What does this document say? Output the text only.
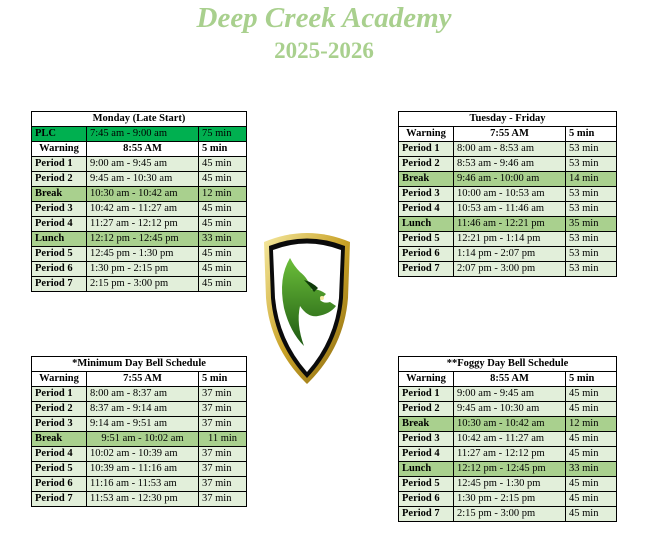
Deep Creek Academy
2025-2026
Monday (Late Start)		
PLC	7:45 am - 9:00 am	75 min
Warning	8:55 AM	5 min
Period 1	9:00 am - 9:45 am	45 min
Period 2	9:45 am - 10:30 am	45 min
Break	10:30 am - 10:42 am	12 min
Period 3	10:42 am - 11:27 am	45 min
Period 4	11:27 am - 12:12 pm	45 min
Lunch	12:12 pm - 12:45 pm	33 min
Period 5	12:45 pm - 1:30 pm	45 min
Period 6	1:30 pm - 2:15 pm	45 min
Period 7	2:15 pm - 3:00 pm	45 min
Tuesday - Friday		
Warning	7:55 AM	5 min
Period 1	8:00 am - 8:53 am	53 min
Period 2	8:53 am - 9:46 am	53 min
Break	9:46 am - 10:00 am	14 min
Period 3	10:00 am - 10:53 am	53 min
Period 4	10:53 am - 11:46 am	53 min
Lunch	11:46 am - 12:21 pm	35 min
Period 5	12:21 pm - 1:14 pm	53 min
Period 6	1:14 pm - 2:07 pm	53 min
Period 7	2:07 pm - 3:00 pm	53 min
*Minimum Day Bell Schedule		
Warning	7:55 AM	5 min
Period 1	8:00 am - 8:37 am	37 min
Period 2	8:37 am - 9:14 am	37 min
Period 3	9:14 am - 9:51 am	37 min
Break	9:51 am - 10:02 am	11 min
Period 4	10:02 am - 10:39 am	37 min
Period 5	10:39 am - 11:16 am	37 min
Period 6	11:16 am - 11:53 am	37 min
Period 7	11:53 am - 12:30 pm	37 min
**Foggy Day Bell Schedule		
Warning	8:55 AM	5 min
Period 1	9:00 am - 9:45 am	45 min
Period 2	9:45 am - 10:30 am	45 min
Break	10:30 am - 10:42 am	12 min
Period 3	10:42 am - 11:27 am	45 min
Period 4	11:27 am - 12:12 pm	45 min
Lunch	12:12 pm - 12:45 pm	33 min
Period 5	12:45 pm - 1:30 pm	45 min
Period 6	1:30 pm - 2:15 pm	45 min
Period 7	2:15 pm - 3:00 pm	45 min
